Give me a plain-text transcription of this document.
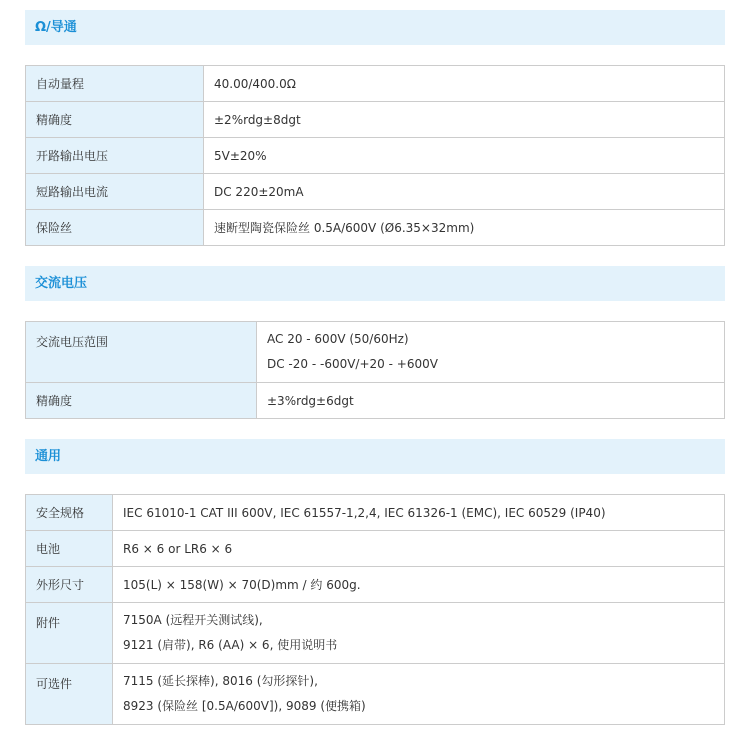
Ω/导通
自动量程	40.00/400.0Ω
精确度	±2%rdg±8dgt
开路输出电压	5V±20%
短路输出电流	DC 220±20mA
保险丝	速断型陶瓷保险丝 0.5A/600V (Ø6.35×32mm)
交流电压
交流电压范围	AC 20 - 600V (50/60Hz)
DC -20 - -600V/+20 - +600V

精确度	±3%rdg±6dgt
通用
安全规格	IEC 61010-1 CAT III 600V, IEC 61557-1,2,4, IEC 61326-1 (EMC), IEC 60529 (IP40)
电池	R6 × 6 or LR6 × 6
外形尺寸	105(L) × 158(W) × 70(D)mm / 约 600g.
附件	7150A (远程开关测试线),
9121 (肩带), R6 (AA) × 6, 使用说明书

可选件	7115 (延长探棒), 8016 (勾形探针),
8923 (保险丝 [0.5A/600V]), 9089 (便携箱)
